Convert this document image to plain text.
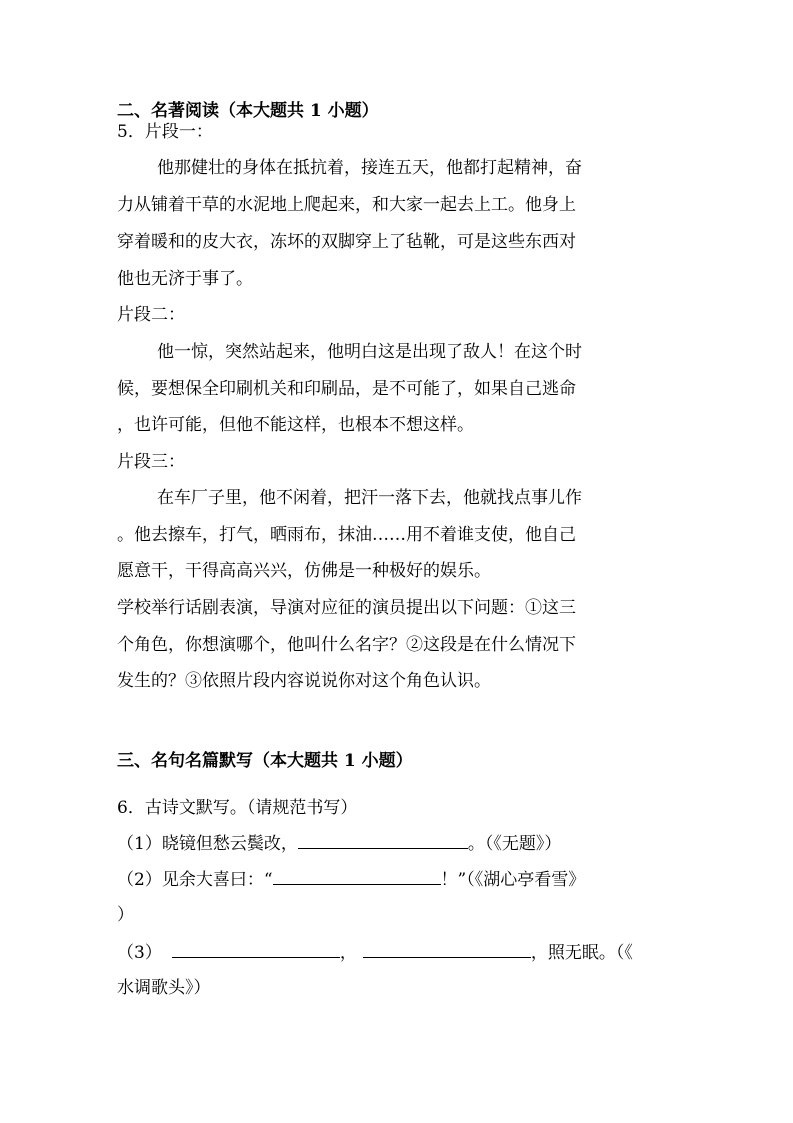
二、名著阅读（本大题共 1 小题）
5．片段一：
他那健壮的身体在抵抗着，接连五天，他都打起精神，奋
力从铺着干草的水泥地上爬起来，和大家一起去上工。他身上
穿着暖和的皮大衣，冻坏的双脚穿上了毡靴，可是这些东西对
他也无济于事了。
片段二：
他一惊，突然站起来，他明白这是出现了敌人！在这个时
候，要想保全印刷机关和印刷品，是不可能了，如果自己逃命
，也许可能，但他不能这样，也根本不想这样。
片段三：
在车厂子里，他不闲着，把汗一落下去，他就找点事儿作
。他去擦车，打气，晒雨布，抹油……用不着谁支使，他自己
愿意干，干得高高兴兴，仿佛是一种极好的娱乐。
学校举行话剧表演，导演对应征的演员提出以下问题：①这三
个角色，你想演哪个，他叫什么名字？②这段是在什么情况下
发生的？③依照片段内容说说你对这个角色认识。
三、名句名篇默写（本大题共 1 小题）
6．古诗文默写。（请规范书写）
（1）晓镜但愁云鬓改，	。（《无题》）
（2）见余大喜曰：“	！”（《湖心亭看雪》
）
（3）	，	，照无眠。（《
水调歌头》）
